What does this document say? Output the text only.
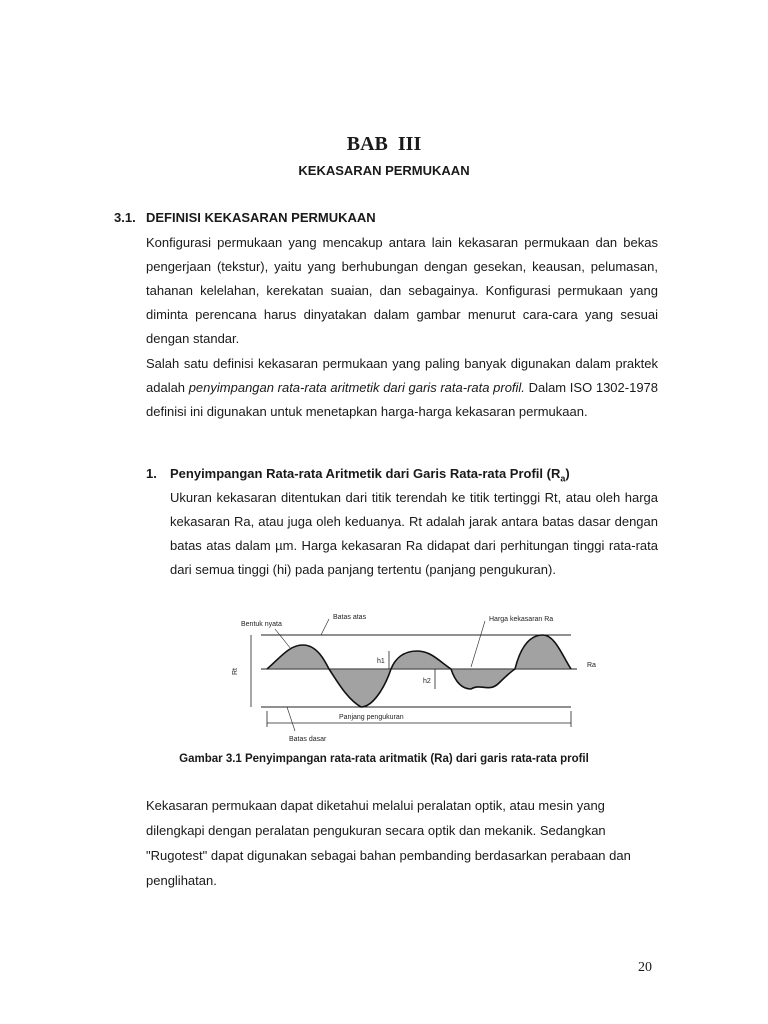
BAB  III
KEKASARAN PERMUKAAN
3.1. DEFINISI KEKASARAN PERMUKAAN

Konfigurasi permukaan yang mencakup antara lain kekasaran permukaan dan bekas pengerjaan (tekstur), yaitu yang berhubungan dengan gesekan, keausan, pelumasan, tahanan kelelahan, kerekatan suaian, dan sebagainya. Konfigurasi permukaan yang diminta perencana harus dinyatakan dalam gambar menurut cara-cara yang sesuai dengan standar.

Salah satu definisi kekasaran permukaan yang paling banyak digunakan dalam praktek adalah penyimpangan rata-rata aritmetik dari garis rata-rata profil. Dalam ISO 1302-1978 definisi ini digunakan untuk menetapkan harga-harga kekasaran permukaan.

1. Penyimpangan Rata-rata Aritmetik dari Garis Rata-rata Profil $(R_a)$

Ukuran kekasaran ditentukan dari titik terendah ke titik tertinggi Rt, atau oleh harga kekasaran Ra, atau juga oleh keduanya. Rt adalah jarak antara batas dasar dengan batas atas dalam µm. Harga kekasaran Ra didapat dari perhitungan tinggi rata-rata dari semua tinggi (hi) pada panjang tertentu (panjang pengukuran).

Rt
h1
h2
Panjang pengukuran
Bentuk nyata
Batas atas	Harga kekasaran Ra
Ra
Batas dasar

Gambar 3.1 Penyimpangan rata-rata aritmatik (Ra) dari garis rata-rata profil

Kekasaran permukaan dapat diketahui melalui peralatan optik, atau mesin yang dilengkapi dengan peralatan pengukuran secara optik dan mekanik. Sedangkan "Rugotest" dapat digunakan sebagai bahan pembanding berdasarkan perabaan dan penglihatan.

20
